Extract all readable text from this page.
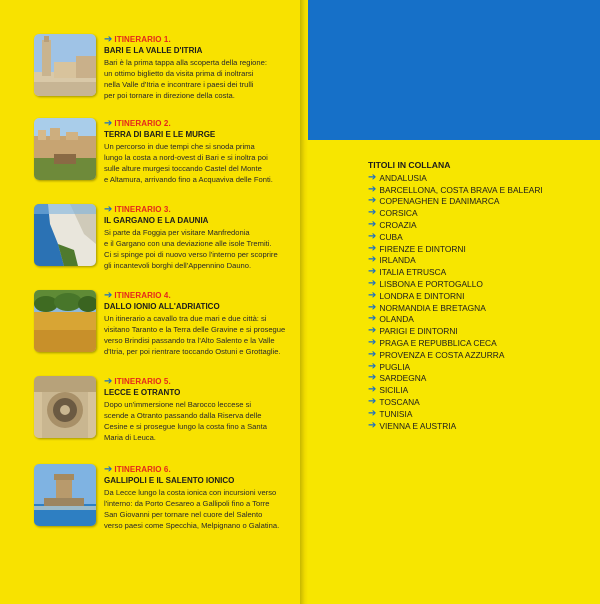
➔ ITINERARIO 1.
BARI E LA VALLE D'ITRIA
Bari è la prima tappa alla scoperta della regione:
un ottimo biglietto da visita prima di inoltrarsi
nella Valle d'Itria e incontrare i paesi dei trulli
per poi tornare in direzione della costa.
➔ ITINERARIO 2.
TERRA DI BARI E LE MURGE
Un percorso in due tempi che si snoda prima
lungo la costa a nord-ovest di Bari e si inoltra poi
sulle alture murgesi toccando Castel del Monte
e Altamura, arrivando fino a Acquaviva delle Fonti.
➔ ITINERARIO 3.
IL GARGANO E LA DAUNIA
Si parte da Foggia per visitare Manfredonia
e il Gargano con una deviazione alle isole Tremiti.
Ci si spinge poi di nuovo verso l'interno per scoprire
gli incantevoli borghi dell'Appennino Dauno.
➔ ITINERARIO 4.
DALLO IONIO ALL'ADRIATICO
Un itinerario a cavallo tra due mari e due città: si
visitano Taranto e la Terra delle Gravine e si prosegue
verso Brindisi passando tra l'Alto Salento e la Valle
d'Itria, per poi rientrare toccando Ostuni e Grottaglie.
➔ ITINERARIO 5.
LECCE E OTRANTO
Dopo un'immersione nel Barocco leccese si
scende a Otranto passando dalla Riserva delle
Cesine e si prosegue lungo la costa fino a Santa
Maria di Leuca.
➔ ITINERARIO 6.
GALLIPOLI E IL SALENTO IONICO
Da Lecce lungo la costa ionica con incursioni verso
l'interno: da Porto Cesareo a Gallipoli fino a Torre
San Giovanni per tornare nel cuore del Salento
verso paesi come Specchia, Melpignano o Galatina.
TITOLI IN COLLANA
➔ ANDALUSIA
➔ BARCELLONA, COSTA BRAVA E BALEARI
➔ COPENAGHEN E DANIMARCA
➔ CORSICA
➔ CROAZIA
➔ CUBA
➔ FIRENZE E DINTORNI
➔ IRLANDA
➔ ITALIA ETRUSCA
➔ LISBONA E PORTOGALLO
➔ LONDRA E DINTORNI
➔ NORMANDIA E BRETAGNA
➔ OLANDA
➔ PARIGI E DINTORNI
➔ PRAGA E REPUBBLICA CECA
➔ PROVENZA E COSTA AZZURRA
➔ PUGLIA
➔ SARDEGNA
➔ SICILIA
➔ TOSCANA
➔ TUNISIA
➔ VIENNA E AUSTRIA
